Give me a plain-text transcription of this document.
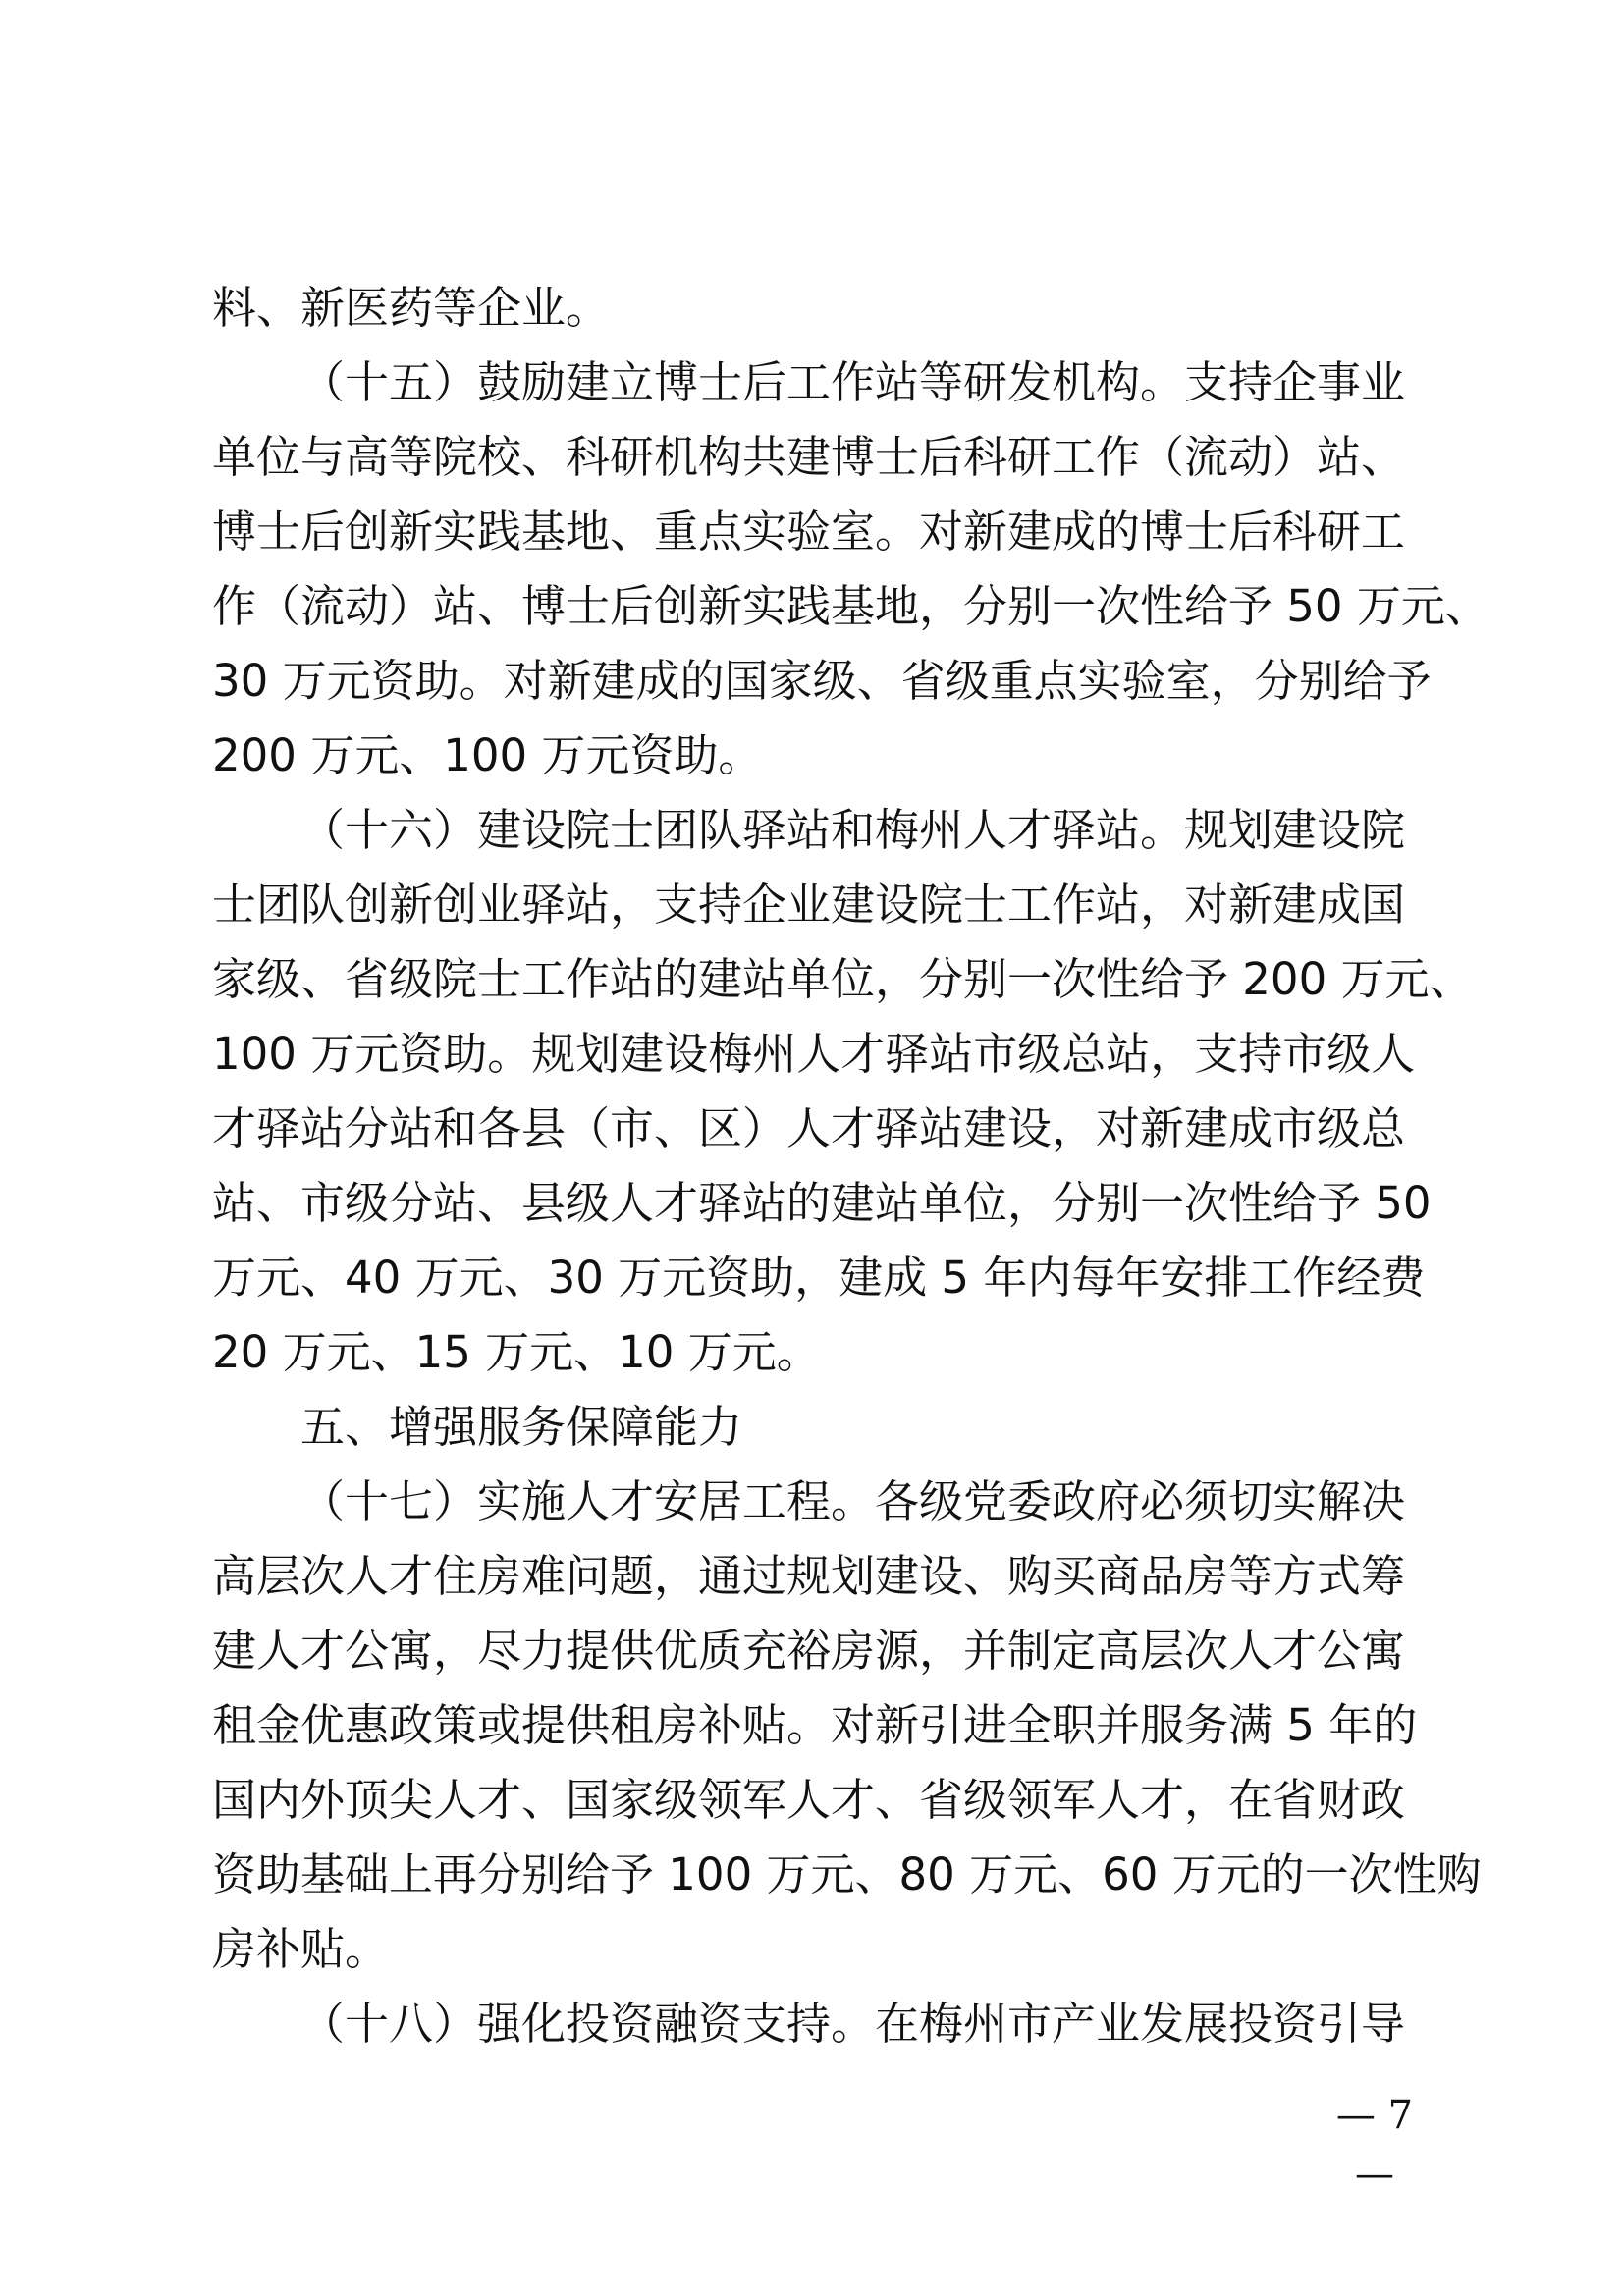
料、新医药等企业。
（十五）鼓励建立博士后工作站等研发机构。支持企事业
单位与高等院校、科研机构共建博士后科研工作（流动）站、
博士后创新实践基地、重点实验室。对新建成的博士后科研工
作（流动）站、博士后创新实践基地，分别一次性给予 50 万元、
30 万元资助。对新建成的国家级、省级重点实验室，分别给予
200 万元、100 万元资助。
（十六）建设院士团队驿站和梅州人才驿站。规划建设院
士团队创新创业驿站，支持企业建设院士工作站，对新建成国
家级、省级院士工作站的建站单位，分别一次性给予 200 万元、
100 万元资助。规划建设梅州人才驿站市级总站，支持市级人
才驿站分站和各县（市、区）人才驿站建设，对新建成市级总
站、市级分站、县级人才驿站的建站单位，分别一次性给予 50
万元、40 万元、30 万元资助，建成 5 年内每年安排工作经费
20 万元、15 万元、10 万元。
五、增强服务保障能力
（十七）实施人才安居工程。各级党委政府必须切实解决
高层次人才住房难问题，通过规划建设、购买商品房等方式筹
建人才公寓，尽力提供优质充裕房源，并制定高层次人才公寓
租金优惠政策或提供租房补贴。对新引进全职并服务满 5 年的
国内外顶尖人才、国家级领军人才、省级领军人才，在省财政
资助基础上再分别给予 100 万元、80 万元、60 万元的一次性购
房补贴。
（十八）强化投资融资支持。在梅州市产业发展投资引导
— 7 —
